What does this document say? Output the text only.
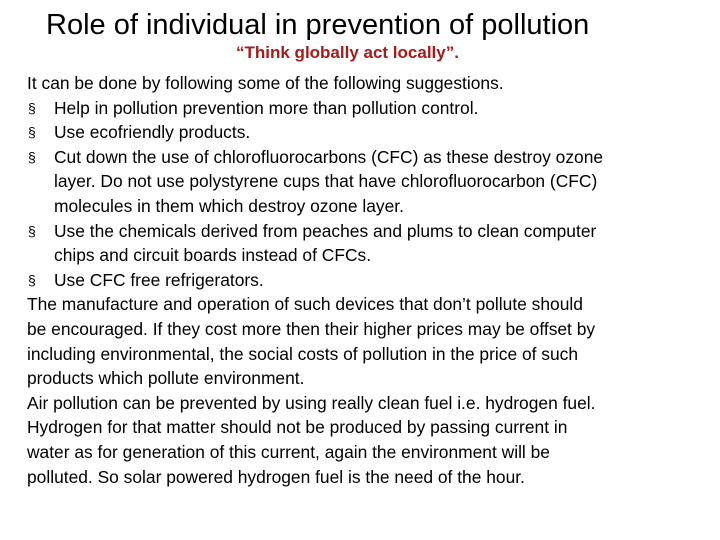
Role of individual in prevention of pollution
“Think globally act locally”.
It can be done by following some of the following suggestions.
§ Help in pollution prevention more than pollution control.
§ Use ecofriendly products.
§ Cut down the use of chlorofluorocarbons (CFC) as these destroy ozone
layer. Do not use polystyrene cups that have chlorofluorocarbon (CFC)
molecules in them which destroy ozone layer.
§ Use the chemicals derived from peaches and plums to clean computer
chips and circuit boards instead of CFCs.
§ Use CFC free refrigerators.
The manufacture and operation of such devices that don’t pollute should
be encouraged. If they cost more then their higher prices may be offset by
including environmental, the social costs of pollution in the price of such
products which pollute environment.
Air pollution can be prevented by using really clean fuel i.e. hydrogen fuel.
Hydrogen for that matter should not be produced by passing current in
water as for generation of this current, again the environment will be
polluted. So solar powered hydrogen fuel is the need of the hour.
